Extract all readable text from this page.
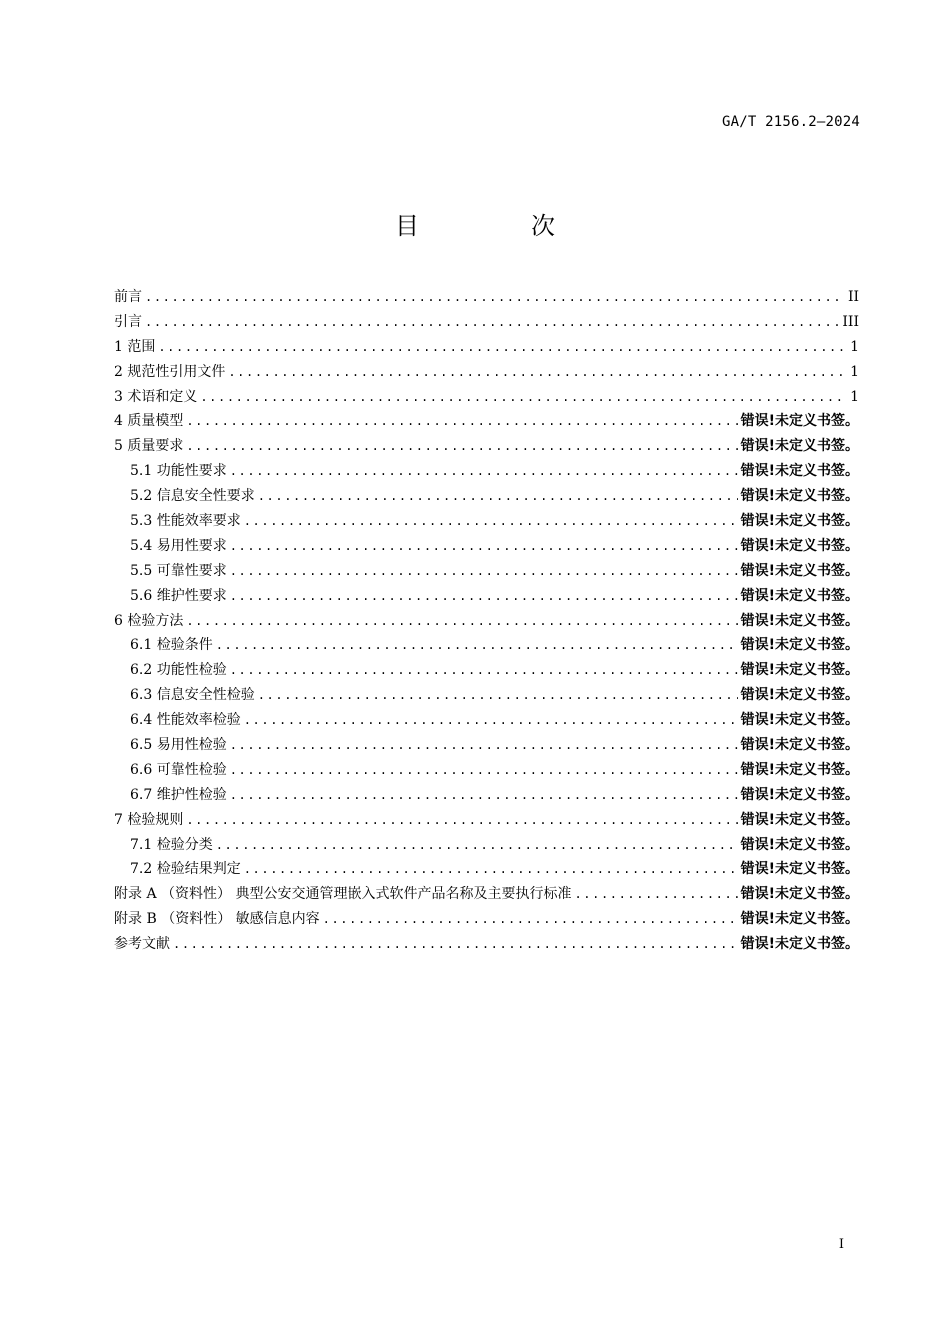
GA/T 2156.2—2024
目　次
前言 .....	II
引言 .....	III
1 范围 .....	1
2 规范性引用文件 .....	1
3 术语和定义 .....	1
4 质量模型 .....	错误!未定义书签。
5 质量要求 .....	错误!未定义书签。
5.1 功能性要求 .....	错误!未定义书签。
5.2 信息安全性要求 .....	错误!未定义书签。
5.3 性能效率要求 .....	错误!未定义书签。
5.4 易用性要求 .....	错误!未定义书签。
5.5 可靠性要求 .....	错误!未定义书签。
5.6 维护性要求 .....	错误!未定义书签。
6 检验方法 .....	错误!未定义书签。
6.1 检验条件 .....	错误!未定义书签。
6.2 功能性检验 .....	错误!未定义书签。
6.3 信息安全性检验 .....	错误!未定义书签。
6.4 性能效率检验 .....	错误!未定义书签。
6.5 易用性检验 .....	错误!未定义书签。
6.6 可靠性检验 .....	错误!未定义书签。
6.7 维护性检验 .....	错误!未定义书签。
7 检验规则 .....	错误!未定义书签。
7.1 检验分类 .....	错误!未定义书签。
7.2 检验结果判定 .....	错误!未定义书签。
附录 A （资料性） 典型公安交通管理嵌入式软件产品名称及主要执行标准 .....	错误!未定义书签。
附录 B （资料性） 敏感信息内容 .....	错误!未定义书签。
参考文献 .....	错误!未定义书签。
I
